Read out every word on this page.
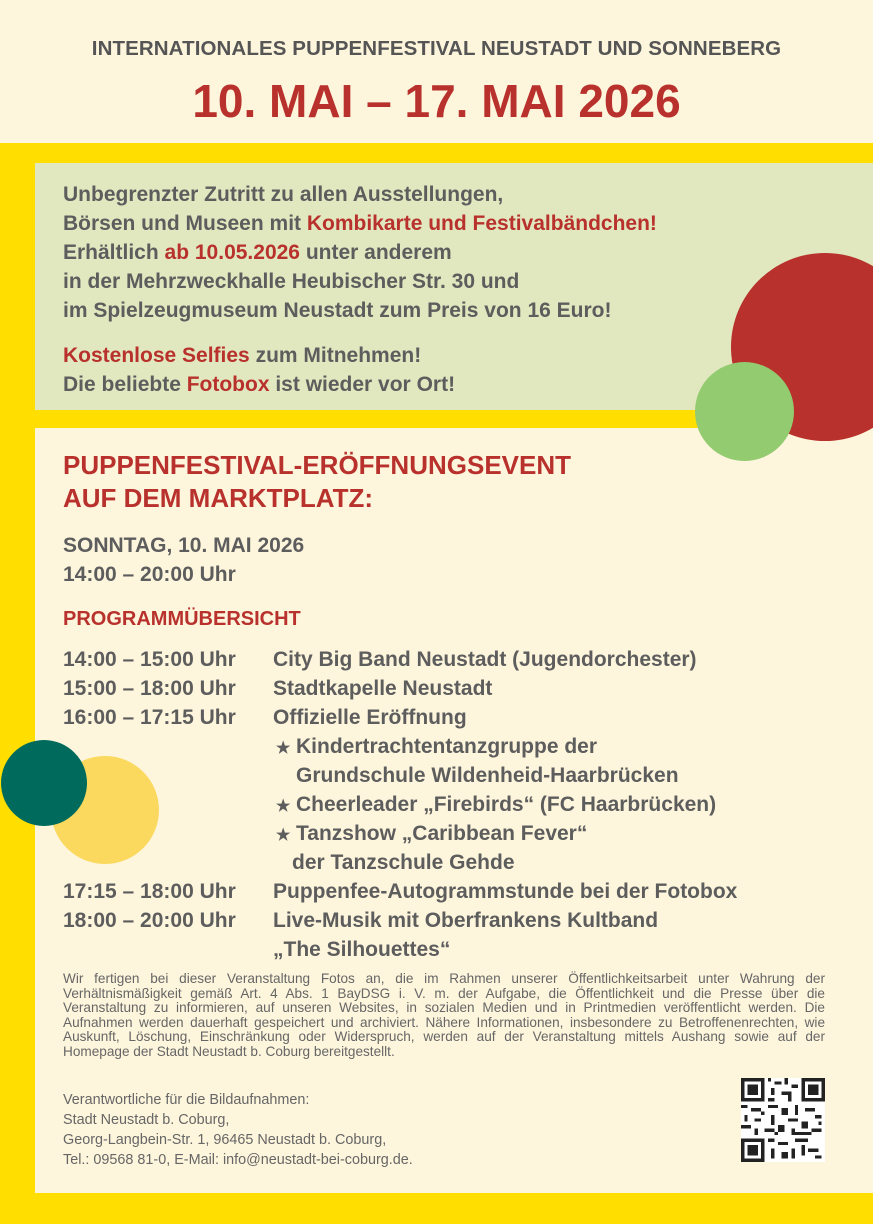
INTERNATIONALES PUPPENFESTIVAL NEUSTADT UND SONNEBERG
10. MAI – 17. MAI 2026

Unbegrenzter Zutritt zu allen Ausstellungen,
Börsen und Museen mit Kombikarte und Festivalbändchen!
Erhältlich ab 10.05.2026 unter anderem
in der Mehrzweckhalle Heubischer Str. 30 und
im Spielzeugmuseum Neustadt zum Preis von 16 Euro!

Kostenlose Selfies zum Mitnehmen!
Die beliebte Fotobox ist wieder vor Ort!

PUPPENFESTIVAL-ERÖFFNUNGSEVENT
AUF DEM MARKTPLATZ:
SONNTAG, 10. MAI 2026
14:00 – 20:00 Uhr
PROGRAMMÜBERSICHT
14:00 – 15:00 Uhr City Big Band Neustadt (Jugendorchester)
15:00 – 18:00 Uhr Stadtkapelle Neustadt
16:00 – 17:15 Uhr Offizielle Eröffnung
★ Kindertrachtentanzgruppe der
Grundschule Wildenheid-Haarbrücken
★ Cheerleader „Firebirds“ (FC Haarbrücken)
★ Tanzshow „Caribbean Fever“
der Tanzschule Gehde
17:15 – 18:00 Uhr Puppenfee-Autogrammstunde bei der Fotobox
18:00 – 20:00 Uhr Live-Musik mit Oberfrankens Kultband
„The Silhouettes“
Wir fertigen bei dieser Veranstaltung Fotos an, die im Rahmen unserer Öffentlichkeitsarbeit unter Wahrung der Verhältnismäßigkeit gemäß Art. 4 Abs. 1 BayDSG i. V. m. der Aufgabe, die Öffentlichkeit und die Presse über die Veranstaltung zu informieren, auf unseren Websites, in sozialen Medien und in Printmedien veröffentlicht werden. Die Aufnahmen werden dauerhaft gespeichert und archiviert. Nähere Informationen, insbesondere zu Betroffenenrechten, wie Auskunft, Löschung, Einschränkung oder Widerspruch, werden auf der Veranstaltung mittels Aushang sowie auf der Homepage der Stadt Neustadt b. Coburg bereitgestellt.
Verantwortliche für die Bildaufnahmen:
Stadt Neustadt b. Coburg,
Georg-Langbein-Str. 1, 96465 Neustadt b. Coburg,
Tel.: 09568 81-0, E-Mail: info@neustadt-bei-coburg.de.
